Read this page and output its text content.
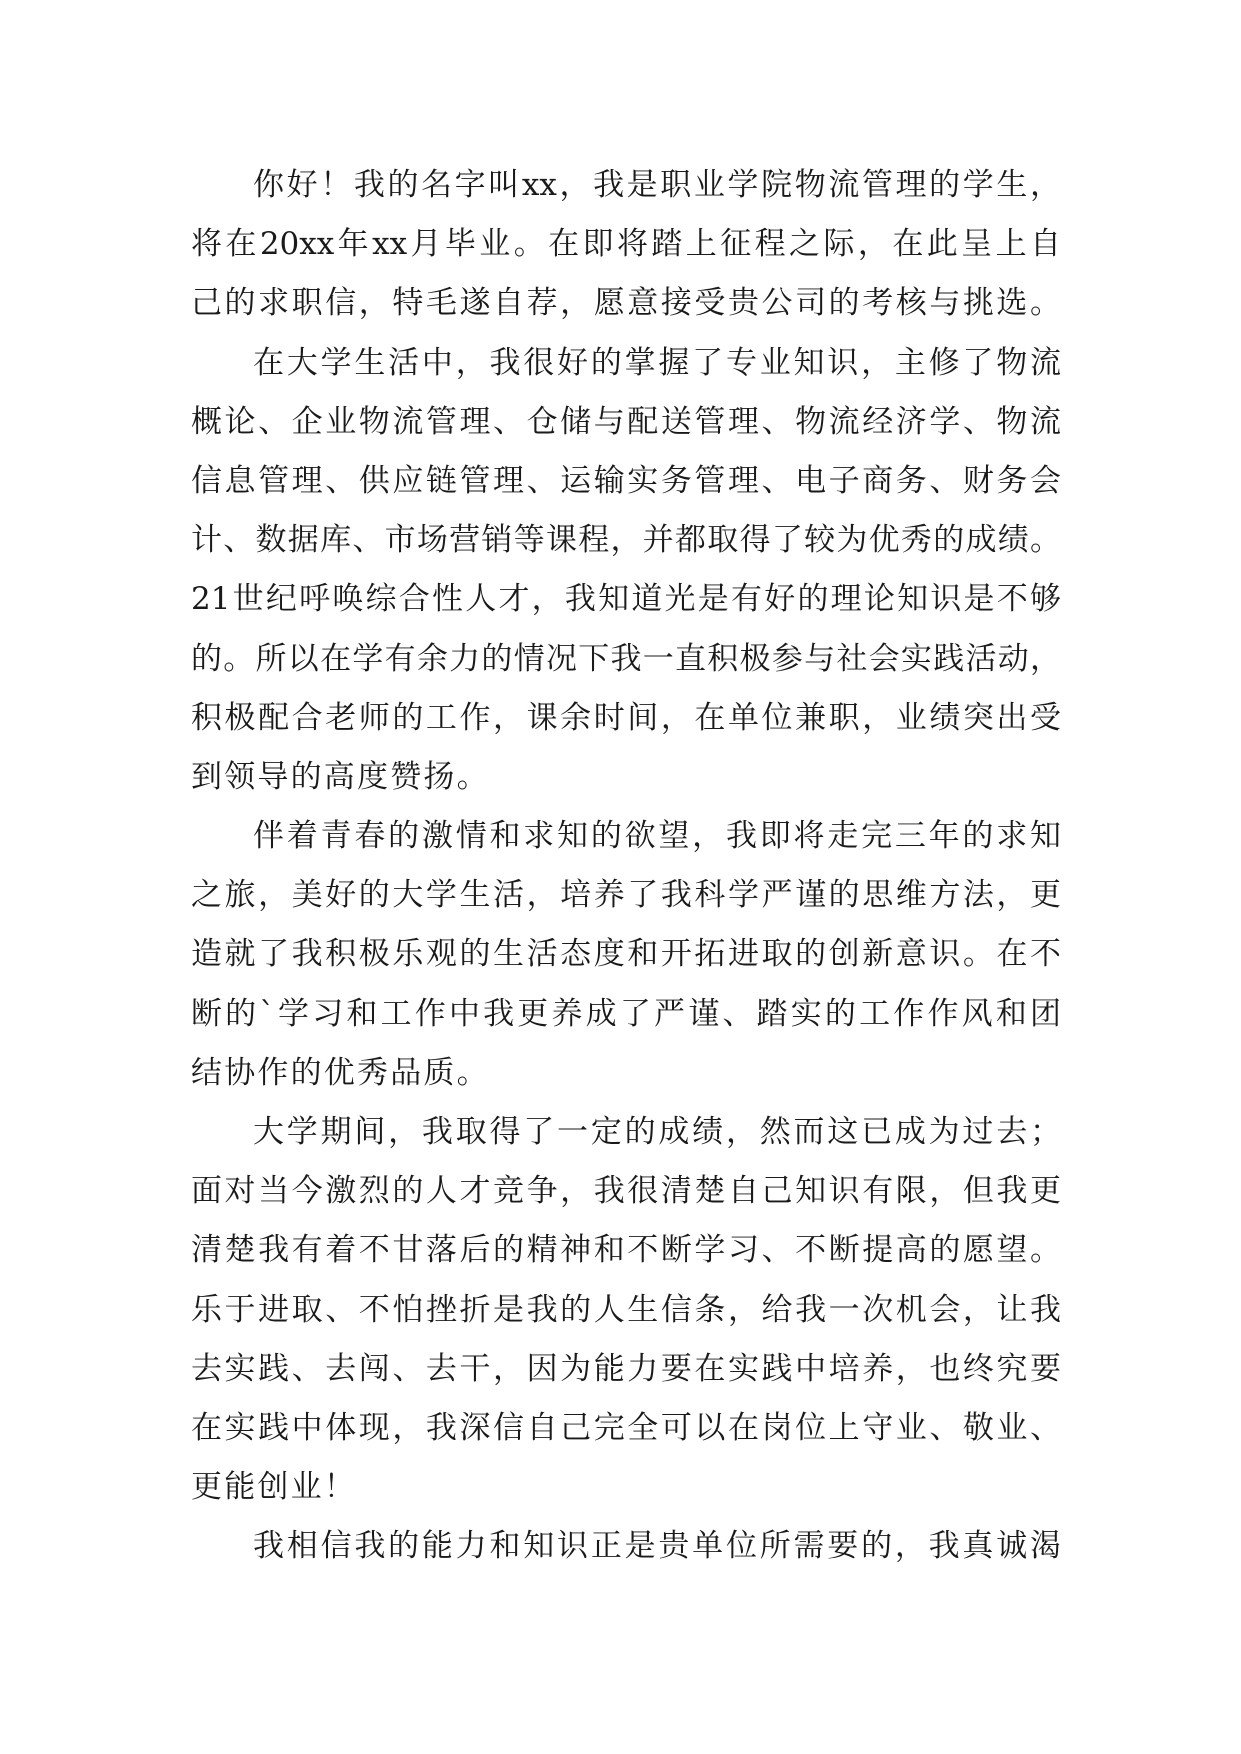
你好！我的名字叫xx，我是职业学院物流管理的学生，
将在20xx年xx月毕业。在即将踏上征程之际，在此呈上自
己的求职信，特毛遂自荐，愿意接受贵公司的考核与挑选。
在大学生活中，我很好的掌握了专业知识，主修了物流
概论、企业物流管理、仓储与配送管理、物流经济学、物流
信息管理、供应链管理、运输实务管理、电子商务、财务会
计、数据库、市场营销等课程，并都取得了较为优秀的成绩。
21世纪呼唤综合性人才，我知道光是有好的理论知识是不够
的。所以在学有余力的情况下我一直积极参与社会实践活动，
积极配合老师的工作，课余时间，在单位兼职，业绩突出受
到领导的高度赞扬。
伴着青春的激情和求知的欲望，我即将走完三年的求知
之旅，美好的大学生活，培养了我科学严谨的思维方法，更
造就了我积极乐观的生活态度和开拓进取的创新意识。在不
断的`学习和工作中我更养成了严谨、踏实的工作作风和团
结协作的优秀品质。
大学期间，我取得了一定的成绩，然而这已成为过去；
面对当今激烈的人才竞争，我很清楚自己知识有限，但我更
清楚我有着不甘落后的精神和不断学习、不断提高的愿望。
乐于进取、不怕挫折是我的人生信条，给我一次机会，让我
去实践、去闯、去干，因为能力要在实践中培养，也终究要
在实践中体现，我深信自己完全可以在岗位上守业、敬业、
更能创业！
我相信我的能力和知识正是贵单位所需要的，我真诚渴
